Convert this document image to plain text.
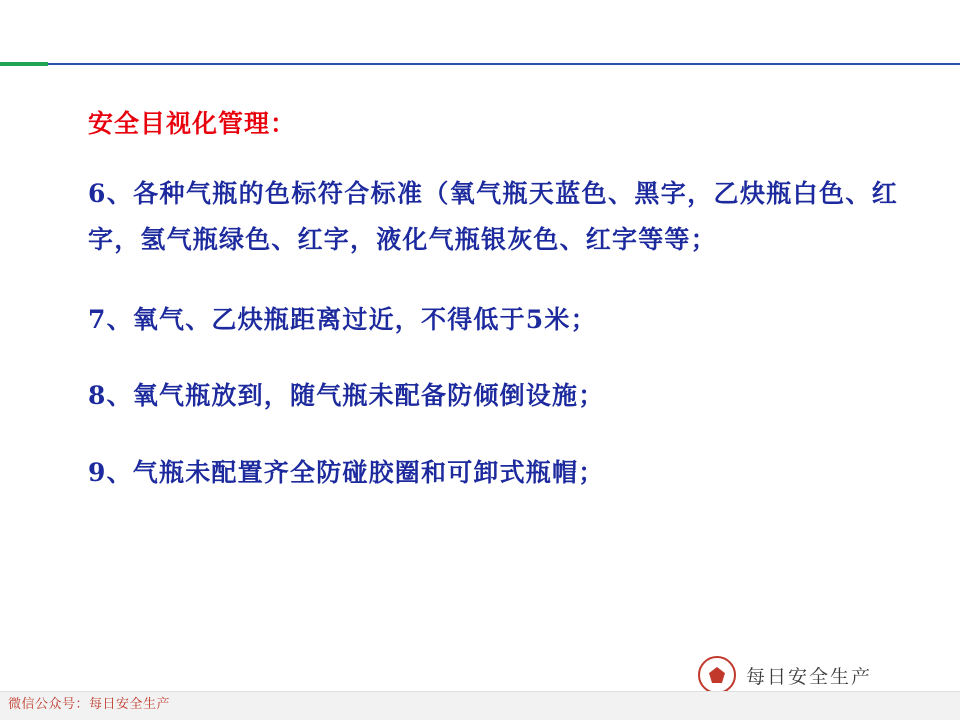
安全目视化管理：

6、各种气瓶的色标符合标准（氧气瓶天蓝色、黑字，乙炔瓶白色、红字，氢气瓶绿色、红字，液化气瓶银灰色、红字等等；

7、氧气、乙炔瓶距离过近，不得低于5米；

8、氧气瓶放到，随气瓶未配备防倾倒设施；

9、气瓶未配置齐全防碰胶圈和可卸式瓶帽；

每日安全生产
微信公众号：每日安全生产
